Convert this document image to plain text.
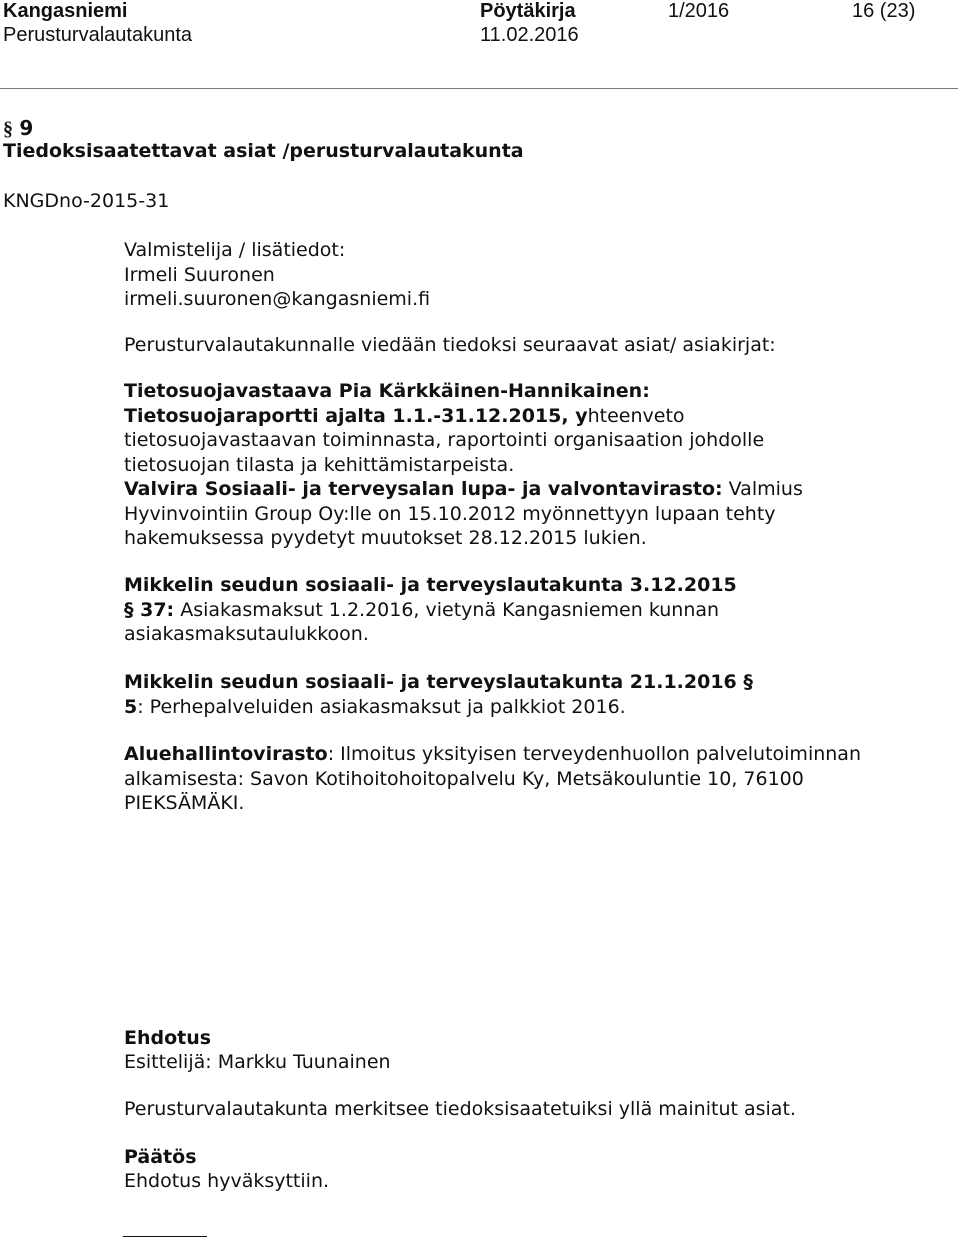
Kangasniemi
Perusturvalautakunta
Pöytäkirja
11.02.2016
1/2016	16 (23)
§ 9
Tiedoksisaatettavat asiat /perusturvalautakunta
KNGDno-2015-31
Valmistelija / lisätiedot:
Irmeli Suuronen
irmeli.suuronen@kangasniemi.fi
Perusturvalautakunnalle viedään tiedoksi seuraavat asiat/ asiakirjat:
Tietosuojavastaava Pia Kärkkäinen-Hannikainen: Tietosuojaraportti ajalta 1.1.-31.12.2015, yhteenveto tietosuojavastaavan toiminnasta, raportointi organisaation johdolle tietosuojan tilasta ja kehittämistarpeista.
Valvira Sosiaali- ja terveysalan lupa- ja valvontavirasto: Valmius Hyvinvointiin Group Oy:lle on 15.10.2012 myönnettyyn lupaan tehty hakemuksessa pyydetyt muutokset 28.12.2015 lukien.
Mikkelin seudun sosiaali- ja terveyslautakunta 3.12.2015 § 37: Asiakasmaksut 1.2.2016, vietynä Kangasniemen kunnan asiakasmaksutaulukkoon.
Mikkelin seudun sosiaali- ja terveyslautakunta 21.1.2016 § 5: Perhepalveluiden asiakasmaksut ja palkkiot 2016.
Aluehallintovirasto: Ilmoitus yksityisen terveydenhuollon palvelutoiminnan alkamisesta: Savon Kotihoitohoitopalvelu Ky, Metsäkouluntie 10, 76100 PIEKSÄMÄKI.
Ehdotus
Esittelijä: Markku Tuunainen
Perusturvalautakunta merkitsee tiedoksisaatetuiksi yllä mainitut asiat.
Päätös
Ehdotus hyväksyttiin.
